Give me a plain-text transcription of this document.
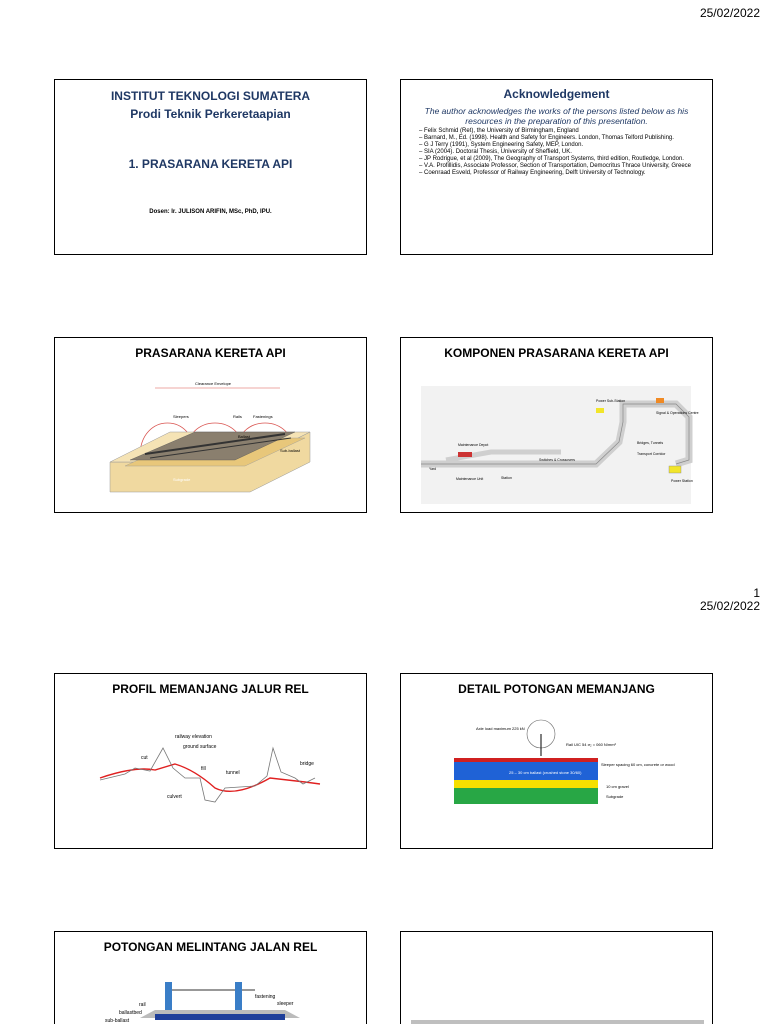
25/02/2022
INSTITUT TEKNOLOGI SUMATERA
Prodi Teknik Perkeretaapian
1. PRASARANA KERETA API
Dosen: Ir. JULISON ARIFIN, MSc, PhD, IPU.
Acknowledgement
The author acknowledges the works of the persons listed below as his resources in the preparation of this presentation.
– Felix Schmid (Ret), the University of Birmingham, England
– Barnard, M., Ed. (1998). Health and Safety for Engineers. London, Thomas Telford Publishing.
– G J Terry (1991), System Engineering Safety, MEP, London.
– SIA (2004). Doctoral Thesis, University of Sheffield, UK.
– JP Rodrigue, et al (2009), The Geography of Transport Systems, third edition, Routledge, London.
– V.A. Profillidis, Associate Professor, Section of Transportation, Democritus Thrace University, Greece
– Coenraad Esveld, Professor of Railway Engineering, Delft University of Technology.
PRASARANA KERETA API
Clearance Envelope
Sleepers	Rails	Fastenings
Ballast
Sub-ballast
Subgrade
KOMPONEN PRASARANA KERETA API
Power Sub-Station
Signal & Operations Centre
Bridges, Tunnels
Transport Corridor
Maintenance Depot
Station
Switches & Crossovers
Maintenance Unit	Power Station
Yard
1
25/02/2022
PROFIL MEMANJANG JALUR REL
railway elevation
ground surface
cut
fill
tunnel
bridge
culvert
DETAIL POTONGAN MEMANJANG
Axle load maximum 225 kN
Rail UIC 54 σ₂ = 060 N/mm²
25 – 30 cm ballast (crushed stone 30/60)
Sleeper spacing 60 cm, concrete or wood
10 cm gravel
Subgrade
POTONGAN MELINTANG JALAN REL
rail
fastening
sleeper
ballastbed
sub-ballast
